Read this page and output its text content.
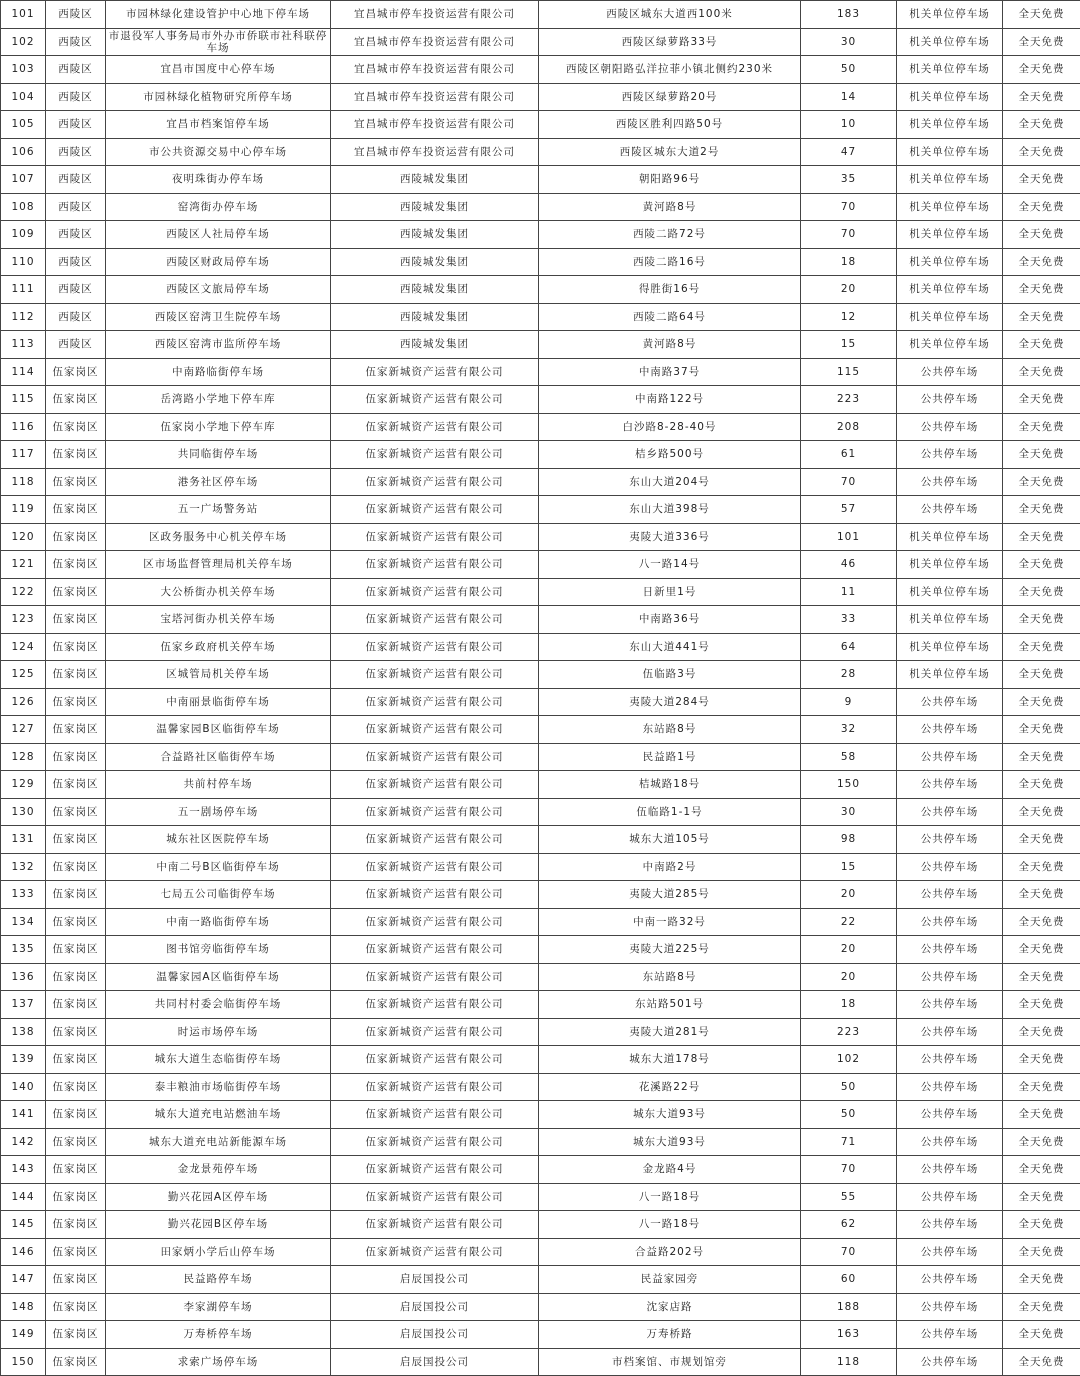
101	西陵区	市园林绿化建设管护中心地下停车场	宜昌城市停车投资运营有限公司	西陵区城东大道西100米	183	机关单位停车场	全天免费
102	西陵区	市退役军人事务局市外办市侨联市社科联停车场	宜昌城市停车投资运营有限公司	西陵区绿萝路33号	30	机关单位停车场	全天免费
103	西陵区	宜昌市国度中心停车场	宜昌城市停车投资运营有限公司	西陵区朝阳路弘洋拉菲小镇北侧约230米	50	机关单位停车场	全天免费
104	西陵区	市园林绿化植物研究所停车场	宜昌城市停车投资运营有限公司	西陵区绿萝路20号	14	机关单位停车场	全天免费
105	西陵区	宜昌市档案馆停车场	宜昌城市停车投资运营有限公司	西陵区胜利四路50号	10	机关单位停车场	全天免费
106	西陵区	市公共资源交易中心停车场	宜昌城市停车投资运营有限公司	西陵区城东大道2号	47	机关单位停车场	全天免费
107	西陵区	夜明珠街办停车场	西陵城发集团	朝阳路96号	35	机关单位停车场	全天免费
108	西陵区	窑湾街办停车场	西陵城发集团	黄河路8号	70	机关单位停车场	全天免费
109	西陵区	西陵区人社局停车场	西陵城发集团	西陵二路72号	70	机关单位停车场	全天免费
110	西陵区	西陵区财政局停车场	西陵城发集团	西陵二路16号	18	机关单位停车场	全天免费
111	西陵区	西陵区文旅局停车场	西陵城发集团	得胜街16号	20	机关单位停车场	全天免费
112	西陵区	西陵区窑湾卫生院停车场	西陵城发集团	西陵二路64号	12	机关单位停车场	全天免费
113	西陵区	西陵区窑湾市监所停车场	西陵城发集团	黄河路8号	15	机关单位停车场	全天免费
114	伍家岗区	中南路临街停车场	伍家新城资产运营有限公司	中南路37号	115	公共停车场	全天免费
115	伍家岗区	岳湾路小学地下停车库	伍家新城资产运营有限公司	中南路122号	223	公共停车场	全天免费
116	伍家岗区	伍家岗小学地下停车库	伍家新城资产运营有限公司	白沙路8-28-40号	208	公共停车场	全天免费
117	伍家岗区	共同临街停车场	伍家新城资产运营有限公司	桔乡路500号	61	公共停车场	全天免费
118	伍家岗区	港务社区停车场	伍家新城资产运营有限公司	东山大道204号	70	公共停车场	全天免费
119	伍家岗区	五一广场警务站	伍家新城资产运营有限公司	东山大道398号	57	公共停车场	全天免费
120	伍家岗区	区政务服务中心机关停车场	伍家新城资产运营有限公司	夷陵大道336号	101	机关单位停车场	全天免费
121	伍家岗区	区市场监督管理局机关停车场	伍家新城资产运营有限公司	八一路14号	46	机关单位停车场	全天免费
122	伍家岗区	大公桥街办机关停车场	伍家新城资产运营有限公司	日新里1号	11	机关单位停车场	全天免费
123	伍家岗区	宝塔河街办机关停车场	伍家新城资产运营有限公司	中南路36号	33	机关单位停车场	全天免费
124	伍家岗区	伍家乡政府机关停车场	伍家新城资产运营有限公司	东山大道441号	64	机关单位停车场	全天免费
125	伍家岗区	区城管局机关停车场	伍家新城资产运营有限公司	伍临路3号	28	机关单位停车场	全天免费
126	伍家岗区	中南丽景临街停车场	伍家新城资产运营有限公司	夷陵大道284号	9	公共停车场	全天免费
127	伍家岗区	温馨家园B区临街停车场	伍家新城资产运营有限公司	东站路8号	32	公共停车场	全天免费
128	伍家岗区	合益路社区临街停车场	伍家新城资产运营有限公司	民益路1号	58	公共停车场	全天免费
129	伍家岗区	共前村停车场	伍家新城资产运营有限公司	桔城路18号	150	公共停车场	全天免费
130	伍家岗区	五一剧场停车场	伍家新城资产运营有限公司	伍临路1-1号	30	公共停车场	全天免费
131	伍家岗区	城东社区医院停车场	伍家新城资产运营有限公司	城东大道105号	98	公共停车场	全天免费
132	伍家岗区	中南二号B区临街停车场	伍家新城资产运营有限公司	中南路2号	15	公共停车场	全天免费
133	伍家岗区	七局五公司临街停车场	伍家新城资产运营有限公司	夷陵大道285号	20	公共停车场	全天免费
134	伍家岗区	中南一路临街停车场	伍家新城资产运营有限公司	中南一路32号	22	公共停车场	全天免费
135	伍家岗区	图书馆旁临街停车场	伍家新城资产运营有限公司	夷陵大道225号	20	公共停车场	全天免费
136	伍家岗区	温馨家园A区临街停车场	伍家新城资产运营有限公司	东站路8号	20	公共停车场	全天免费
137	伍家岗区	共同村村委会临街停车场	伍家新城资产运营有限公司	东站路501号	18	公共停车场	全天免费
138	伍家岗区	时运市场停车场	伍家新城资产运营有限公司	夷陵大道281号	223	公共停车场	全天免费
139	伍家岗区	城东大道生态临街停车场	伍家新城资产运营有限公司	城东大道178号	102	公共停车场	全天免费
140	伍家岗区	泰丰粮油市场临街停车场	伍家新城资产运营有限公司	花溪路22号	50	公共停车场	全天免费
141	伍家岗区	城东大道充电站燃油车场	伍家新城资产运营有限公司	城东大道93号	50	公共停车场	全天免费
142	伍家岗区	城东大道充电站新能源车场	伍家新城资产运营有限公司	城东大道93号	71	公共停车场	全天免费
143	伍家岗区	金龙景苑停车场	伍家新城资产运营有限公司	金龙路4号	70	公共停车场	全天免费
144	伍家岗区	勤兴花园A区停车场	伍家新城资产运营有限公司	八一路18号	55	公共停车场	全天免费
145	伍家岗区	勤兴花园B区停车场	伍家新城资产运营有限公司	八一路18号	62	公共停车场	全天免费
146	伍家岗区	田家炳小学后山停车场	伍家新城资产运营有限公司	合益路202号	70	公共停车场	全天免费
147	伍家岗区	民益路停车场	启辰国投公司	民益家园旁	60	公共停车场	全天免费
148	伍家岗区	李家湖停车场	启辰国投公司	沈家店路	188	公共停车场	全天免费
149	伍家岗区	万寿桥停车场	启辰国投公司	万寿桥路	163	公共停车场	全天免费
150	伍家岗区	求索广场停车场	启辰国投公司	市档案馆、市规划馆旁	118	公共停车场	全天免费
